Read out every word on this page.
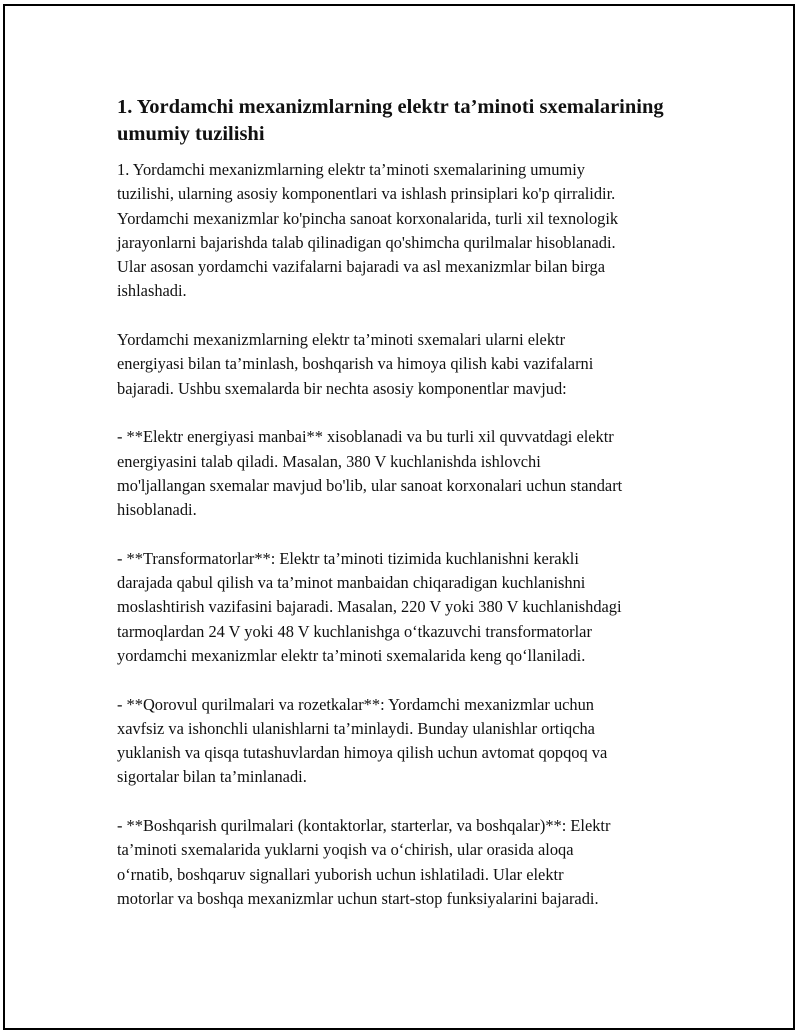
1. Yordamchi mexanizmlarning elektr ta’minoti sxemalarining
umumiy tuzilishi

1. Yordamchi mexanizmlarning elektr ta’minoti sxemalarining umumiy
tuzilishi, ularning asosiy komponentlari va ishlash prinsiplari ko'p qirralidir.
Yordamchi mexanizmlar ko'pincha sanoat korxonalarida, turli xil texnologik
jarayonlarni bajarishda talab qilinadigan qo'shimcha qurilmalar hisoblanadi.
Ular asosan yordamchi vazifalarni bajaradi va asl mexanizmlar bilan birga
ishlashadi.

Yordamchi mexanizmlarning elektr ta’minoti sxemalari ularni elektr
energiyasi bilan ta’minlash, boshqarish va himoya qilish kabi vazifalarni
bajaradi. Ushbu sxemalarda bir nechta asosiy komponentlar mavjud:

- **Elektr energiyasi manbai** xisoblanadi va bu turli xil quvvatdagi elektr
energiyasini talab qiladi. Masalan, 380 V kuchlanishda ishlovchi
mo'ljallangan sxemalar mavjud bo'lib, ular sanoat korxonalari uchun standart
hisoblanadi.

- **Transformatorlar**: Elektr ta’minoti tizimida kuchlanishni kerakli
darajada qabul qilish va ta’minot manbaidan chiqaradigan kuchlanishni
moslashtirish vazifasini bajaradi. Masalan, 220 V yoki 380 V kuchlanishdagi
tarmoqlardan 24 V yoki 48 V kuchlanishga o‘tkazuvchi transformatorlar
yordamchi mexanizmlar elektr ta’minoti sxemalarida keng qo‘llaniladi.

- **Qorovul qurilmalari va rozetkalar**: Yordamchi mexanizmlar uchun
xavfsiz va ishonchli ulanishlarni ta’minlaydi. Bunday ulanishlar ortiqcha
yuklanish va qisqa tutashuvlardan himoya qilish uchun avtomat qopqoq va
sigortalar bilan ta’minlanadi.

- **Boshqarish qurilmalari (kontaktorlar, starterlar, va boshqalar)**: Elektr
ta’minoti sxemalarida yuklarni yoqish va o‘chirish, ular orasida aloqa
o‘rnatib, boshqaruv signallari yuborish uchun ishlatiladi. Ular elektr
motorlar va boshqa mexanizmlar uchun start-stop funksiyalarini bajaradi.
